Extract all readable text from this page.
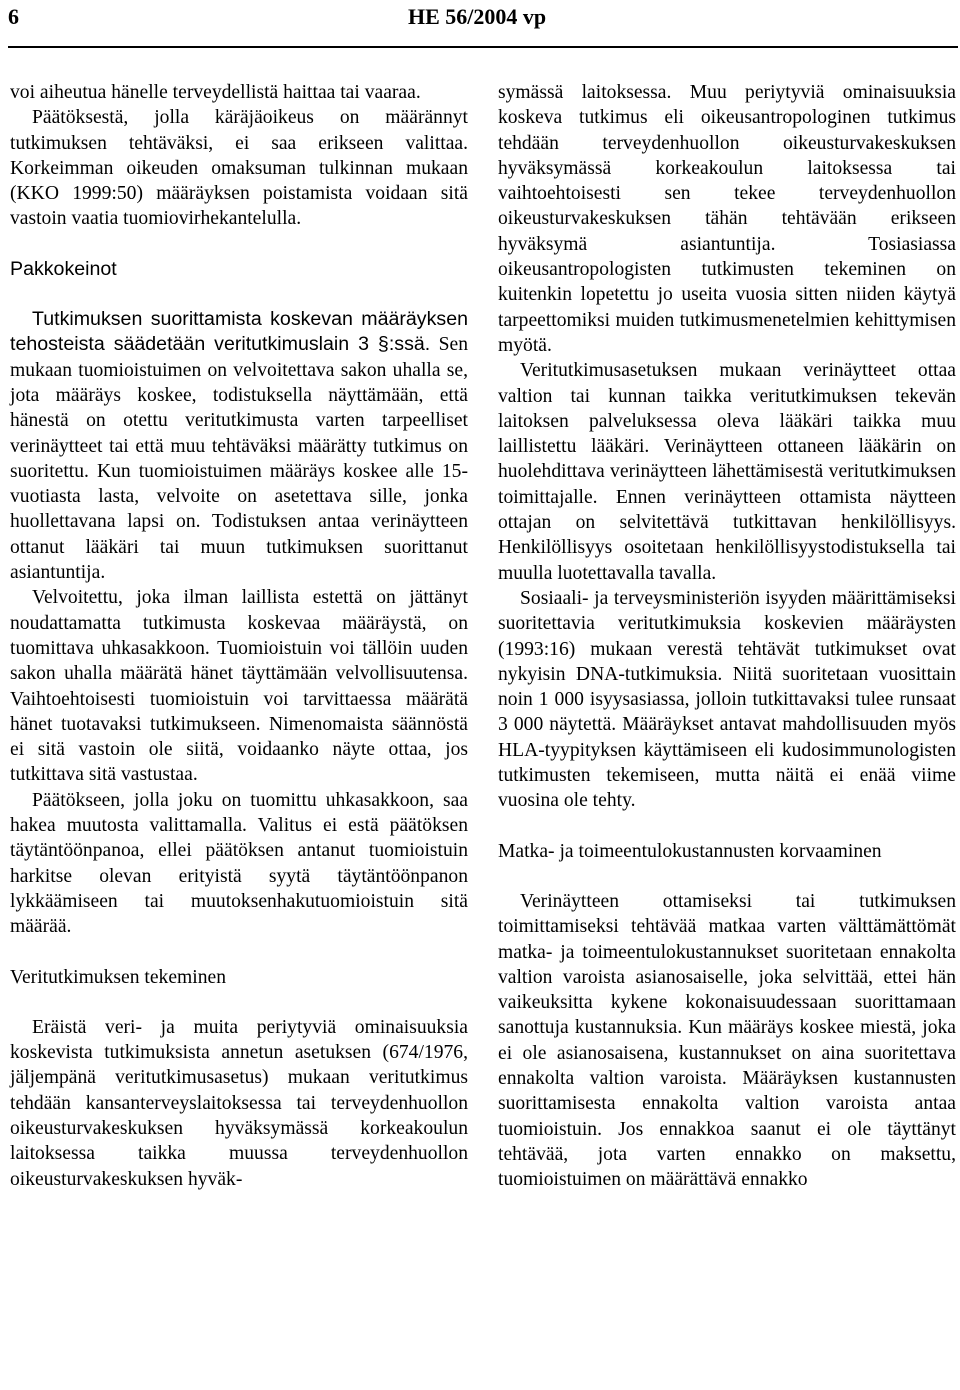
6	HE 56/2004 vp

voi aiheutua hänelle terveydellistä haittaa tai vaaraa.

Päätöksestä, jolla käräjäoikeus on määrännyt tutkimuksen tehtäväksi, ei saa erikseen valittaa. Korkeimman oikeuden omaksuman tulkinnan mukaan (KKO 1999:50) määräyksen poistamista voidaan sitä vastoin vaatia tuomiovirhekantelulla.

Pakkokeinot

Tutkimuksen suorittamista koskevan määräyksen tehosteista säädetään veritutkimuslain 3 §:ssä. Sen mukaan tuomioistuimen on velvoitettava sakon uhalla se, jota määräys koskee, todistuksella näyttämään, että hänestä on otettu veritutkimusta varten tarpeelliset verinäytteet tai että muu tehtäväksi määrätty tutkimus on suoritettu. Kun tuomioistuimen määräys koskee alle 15-vuotiasta lasta, velvoite on asetettava sille, jonka huollettavana lapsi on. Todistuksen antaa verinäytteen ottanut lääkäri tai muun tutkimuksen suorittanut asiantuntija.

Velvoitettu, joka ilman laillista estettä on jättänyt noudattamatta tutkimusta koskevaa määräystä, on tuomittava uhkasakkoon. Tuomioistuin voi tällöin uuden sakon uhalla määrätä hänet täyttämään velvollisuutensa. Vaihtoehtoisesti tuomioistuin voi tarvittaessa määrätä hänet tuotavaksi tutkimukseen. Nimenomaista säännöstä ei sitä vastoin ole siitä, voidaanko näyte ottaa, jos tutkittava sitä vastustaa.

Päätökseen, jolla joku on tuomittu uhkasakkoon, saa hakea muutosta valittamalla. Valitus ei estä päätöksen täytäntöönpanoa, ellei päätöksen antanut tuomioistuin harkitse olevan erityistä syytä täytäntöönpanon lykkäämiseen tai muutoksenhakutuomioistuin sitä määrää.

Veritutkimuksen tekeminen

Eräistä veri- ja muita periytyviä ominaisuuksia koskevista tutkimuksista annetun asetuksen (674/1976, jäljempänä veritutkimusasetus) mukaan veritutkimus tehdään kansanterveyslaitoksessa tai terveydenhuollon oikeusturvakeskuksen hyväksymässä korkeakoulun laitoksessa taikka muussa terveydenhuollon oikeusturvakeskuksen hyväk-

symässä laitoksessa. Muu periytyviä ominaisuuksia koskeva tutkimus eli oikeusantropologinen tutkimus tehdään terveydenhuollon oikeusturvakeskuksen hyväksymässä korkeakoulun laitoksessa tai vaihtoehtoisesti sen tekee terveydenhuollon oikeusturvakeskuksen tähän tehtävään erikseen hyväksymä asiantuntija. Tosiasiassa oikeusantropologisten tutkimusten tekeminen on kuitenkin lopetettu jo useita vuosia sitten niiden käytyä tarpeettomiksi muiden tutkimusmenetelmien kehittymisen myötä.

Veritutkimusasetuksen mukaan verinäytteet ottaa valtion tai kunnan taikka veritutkimuksen tekevän laitoksen palveluksessa oleva lääkäri taikka muu laillistettu lääkäri. Verinäytteen ottaneen lääkärin on huolehdittava verinäytteen lähettämisestä veritutkimuksen toimittajalle. Ennen verinäytteen ottamista näytteen ottajan on selvitettävä tutkittavan henkilöllisyys. Henkilöllisyys osoitetaan henkilöllisyystodistuksella tai muulla luotettavalla tavalla.

Sosiaali- ja terveysministeriön isyyden määrittämiseksi suoritettavia veritutkimuksia koskevien määräysten (1993:16) mukaan verestä tehtävät tutkimukset ovat nykyisin DNA-tutkimuksia. Niitä suoritetaan vuosittain noin 1 000 isyysasiassa, jolloin tutkittavaksi tulee runsaat 3 000 näytettä. Määräykset antavat mahdollisuuden myös HLA-tyypityksen käyttämiseen eli kudosimmunologisten tutkimusten tekemiseen, mutta näitä ei enää viime vuosina ole tehty.

Matka- ja toimeentulokustannusten korvaaminen

Verinäytteen ottamiseksi tai tutkimuksen toimittamiseksi tehtävää matkaa varten välttämättömät matka- ja toimeentulokustannukset suoritetaan ennakolta valtion varoista asianosaiselle, joka selvittää, ettei hän vaikeuksitta kykene kokonaisuudessaan suorittamaan sanottuja kustannuksia. Kun määräys koskee miestä, joka ei ole asianosaisena, kustannukset on aina suoritettava ennakolta valtion varoista. Määräyksen kustannusten suorittamisesta ennakolta valtion varoista antaa tuomioistuin. Jos ennakkoa saanut ei ole täyttänyt tehtävää, jota varten ennakko on maksettu, tuomioistuimen on määrättävä ennakko
